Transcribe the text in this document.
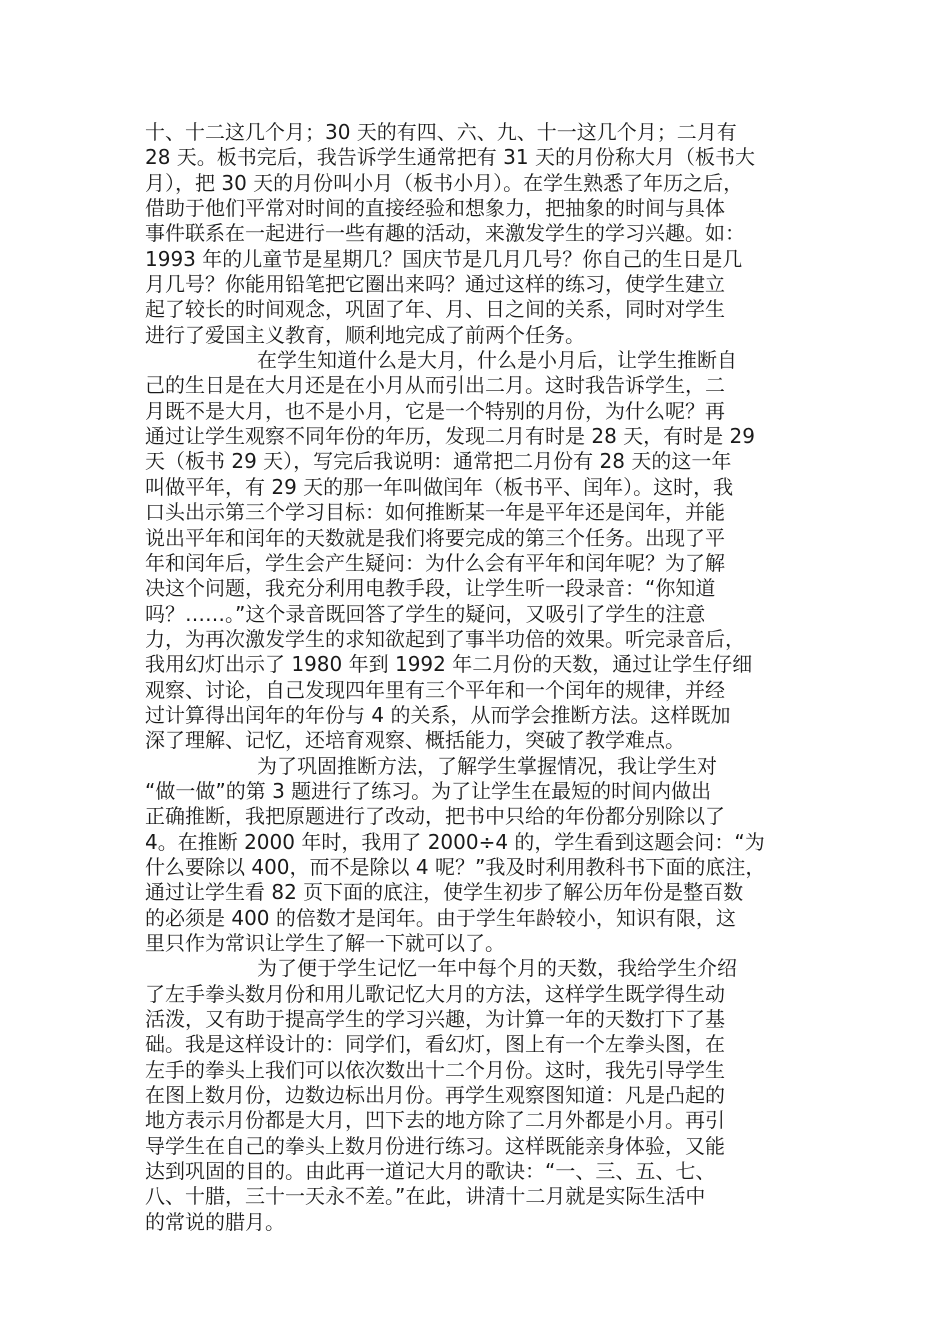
十、十二这几个月；30 天的有四、六、九、十一这几个月；二月有
28 天。板书完后，我告诉学生通常把有 31 天的月份称大月（板书大
月），把 30 天的月份叫小月（板书小月）。在学生熟悉了年历之后，
借助于他们平常对时间的直接经验和想象力，把抽象的时间与具体
事件联系在一起进行一些有趣的活动，来激发学生的学习兴趣。如：
1993 年的儿童节是星期几？国庆节是几月几号？你自己的生日是几
月几号？你能用铅笔把它圈出来吗？通过这样的练习，使学生建立
起了较长的时间观念，巩固了年、月、日之间的关系，同时对学生
进行了爱国主义教育，顺利地完成了前两个任务。
在学生知道什么是大月，什么是小月后，让学生推断自
己的生日是在大月还是在小月从而引出二月。这时我告诉学生，二
月既不是大月，也不是小月，它是一个特别的月份，为什么呢？再
通过让学生观察不同年份的年历，发现二月有时是 28 天，有时是 29
天（板书 29 天），写完后我说明：通常把二月份有 28 天的这一年
叫做平年，有 29 天的那一年叫做闰年（板书平、闰年）。这时，我
口头出示第三个学习目标：如何推断某一年是平年还是闰年，并能
说出平年和闰年的天数就是我们将要完成的第三个任务。出现了平
年和闰年后，学生会产生疑问：为什么会有平年和闰年呢？为了解
决这个问题，我充分利用电教手段，让学生听一段录音：“你知道
吗？……。”这个录音既回答了学生的疑问，又吸引了学生的注意
力，为再次激发学生的求知欲起到了事半功倍的效果。听完录音后，
我用幻灯出示了 1980 年到 1992 年二月份的天数，通过让学生仔细
观察、讨论，自己发现四年里有三个平年和一个闰年的规律，并经
过计算得出闰年的年份与 4 的关系，从而学会推断方法。这样既加
深了理解、记忆，还培育观察、概括能力，突破了教学难点。
为了巩固推断方法，了解学生掌握情况，我让学生对
“做一做”的第 3 题进行了练习。为了让学生在最短的时间内做出
正确推断，我把原题进行了改动，把书中只给的年份都分别除以了
4。在推断 2000 年时，我用了 2000÷4 的，学生看到这题会问：“为
什么要除以 400，而不是除以 4 呢？”我及时利用教科书下面的底注，
通过让学生看 82 页下面的底注，使学生初步了解公历年份是整百数
的必须是 400 的倍数才是闰年。由于学生年龄较小，知识有限，这
里只作为常识让学生了解一下就可以了。
为了便于学生记忆一年中每个月的天数，我给学生介绍
了左手拳头数月份和用儿歌记忆大月的方法，这样学生既学得生动
活泼，又有助于提高学生的学习兴趣，为计算一年的天数打下了基
础。我是这样设计的：同学们，看幻灯，图上有一个左拳头图，在
左手的拳头上我们可以依次数出十二个月份。这时，我先引导学生
在图上数月份，边数边标出月份。再学生观察图知道：凡是凸起的
地方表示月份都是大月，凹下去的地方除了二月外都是小月。再引
导学生在自己的拳头上数月份进行练习。这样既能亲身体验，又能
达到巩固的目的。由此再一道记大月的歌诀：“一、三、五、七、
八、十腊，三十一天永不差。”在此，讲清十二月就是实际生活中
的常说的腊月。
